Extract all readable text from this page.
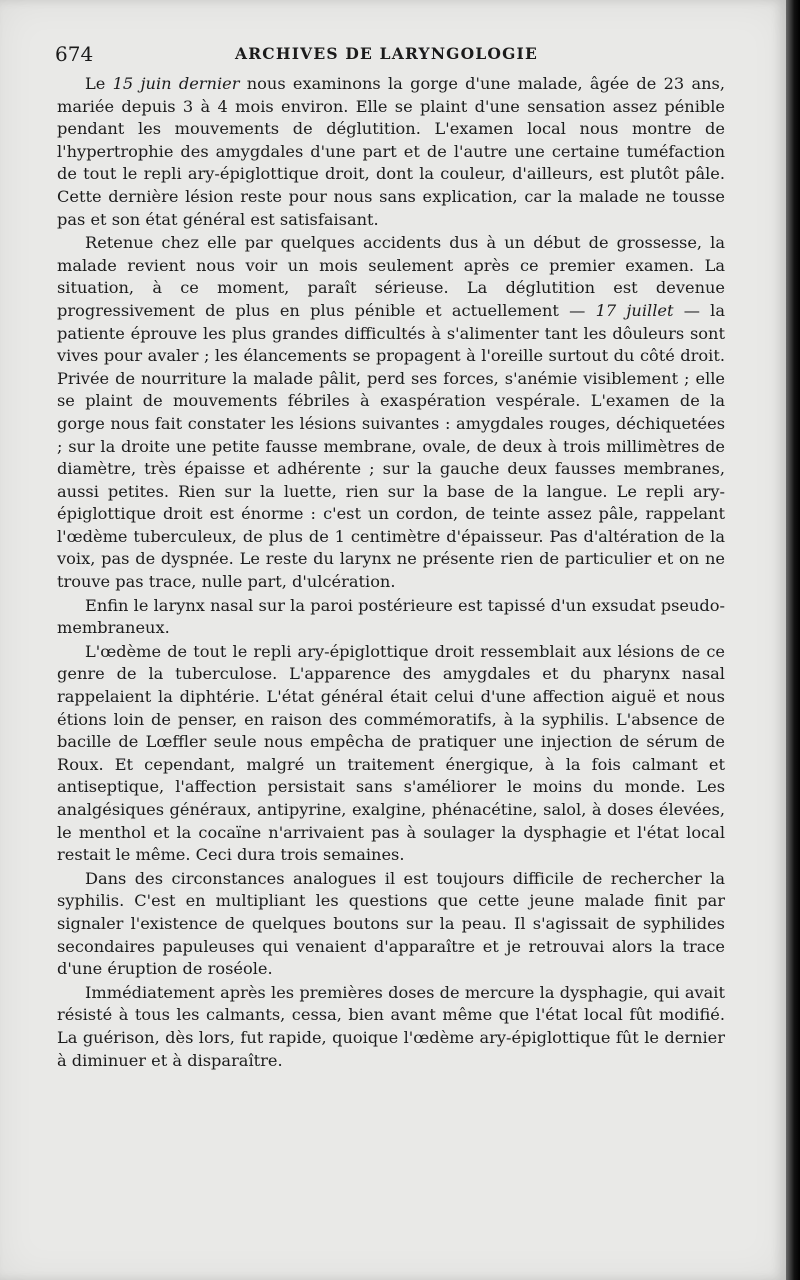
674	ARCHIVES DE LARYNGOLOGIE

Le 15 juin dernier nous examinons la gorge d'une malade, âgée de 23 ans, mariée depuis 3 à 4 mois environ. Elle se plaint d'une sensation assez pénible pendant les mouvements de déglutition. L'examen local nous montre de l'hypertrophie des amygdales d'une part et de l'autre une certaine tuméfaction de tout le repli ary-épiglottique droit, dont la couleur, d'ailleurs, est plutôt pâle. Cette dernière lésion reste pour nous sans explication, car la malade ne tousse pas et son état général est satisfaisant.

Retenue chez elle par quelques accidents dus à un début de grossesse, la malade revient nous voir un mois seulement après ce premier examen. La situation, à ce moment, paraît sérieuse. La déglutition est devenue progressivement de plus en plus pénible et actuellement — 17 juillet — la patiente éprouve les plus grandes difficultés à s'alimenter tant les dôuleurs sont vives pour avaler ; les élancements se propagent à l'oreille surtout du côté droit. Privée de nourriture la malade pâlit, perd ses forces, s'anémie visiblement ; elle se plaint de mouvements fébriles à exaspération vespérale. L'examen de la gorge nous fait constater les lésions suivantes : amygdales rouges, déchiquetées ; sur la droite une petite fausse membrane, ovale, de deux à trois millimètres de diamètre, très épaisse et adhérente ; sur la gauche deux fausses membranes, aussi petites. Rien sur la luette, rien sur la base de la langue. Le repli ary-épiglottique droit est énorme : c'est un cordon, de teinte assez pâle, rappelant l'œdème tuberculeux, de plus de 1 centimètre d'épaisseur. Pas d'altération de la voix, pas de dyspnée. Le reste du larynx ne présente rien de particulier et on ne trouve pas trace, nulle part, d'ulcération.

Enfin le larynx nasal sur la paroi postérieure est tapissé d'un exsudat pseudo-membraneux.

L'œdème de tout le repli ary-épiglottique droit ressemblait aux lésions de ce genre de la tuberculose. L'apparence des amygdales et du pharynx nasal rappelaient la diphtérie. L'état général était celui d'une affection aiguë et nous étions loin de penser, en raison des commémoratifs, à la syphilis. L'absence de bacille de Lœffler seule nous empêcha de pratiquer une injection de sérum de Roux. Et cependant, malgré un traitement énergique, à la fois calmant et antiseptique, l'affection persistait sans s'améliorer le moins du monde. Les analgésiques généraux, antipyrine, exalgine, phénacétine, salol, à doses élevées, le menthol et la cocaïne n'arrivaient pas à soulager la dysphagie et l'état local restait le même. Ceci dura trois semaines.

Dans des circonstances analogues il est toujours difficile de rechercher la syphilis. C'est en multipliant les questions que cette jeune malade finit par signaler l'existence de quelques boutons sur la peau. Il s'agissait de syphilides secondaires papuleuses qui venaient d'apparaître et je retrouvai alors la trace d'une éruption de roséole.

Immédiatement après les premières doses de mercure la dysphagie, qui avait résisté à tous les calmants, cessa, bien avant même que l'état local fût modifié. La guérison, dès lors, fut rapide, quoique l'œdème ary-épiglottique fût le dernier à diminuer et à disparaître.
